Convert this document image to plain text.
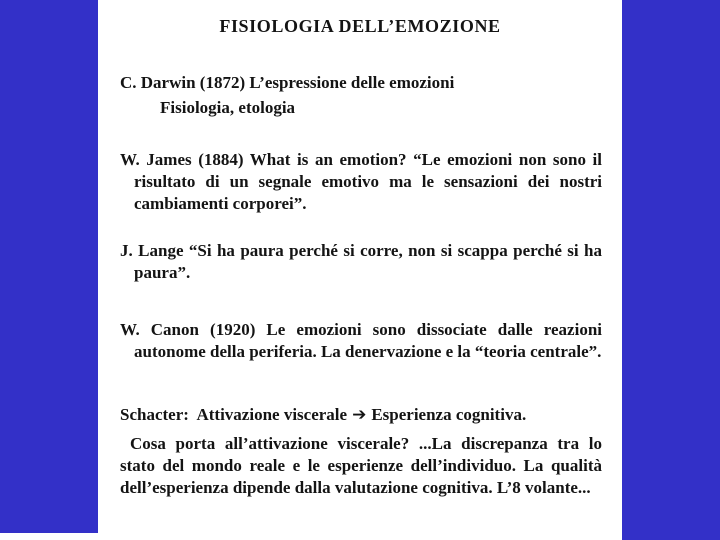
FISIOLOGIA DELL’EMOZIONE

C. Darwin (1872) L’espressione delle emozioni

Fisiologia, etologia

W. James (1884) What is an emotion? “Le emozioni non sono il risultato di un segnale emotivo ma le sensazioni dei nostri cambiamenti corporei”.

J. Lange “Si ha paura perché si corre, non si scappa perché si ha paura”.

W. Canon (1920) Le emozioni sono dissociate dalle reazioni autonome della periferia. La denervazione e la “teoria centrale”.

Schacter:  Attivazione viscerale ➔ Esperienza cognitiva.

Cosa porta all’attivazione viscerale? ...La discrepanza tra lo stato del mondo reale e le esperienze dell’individuo. La qualità dell’esperienza dipende dalla valutazione cognitiva. L’8 volante...
